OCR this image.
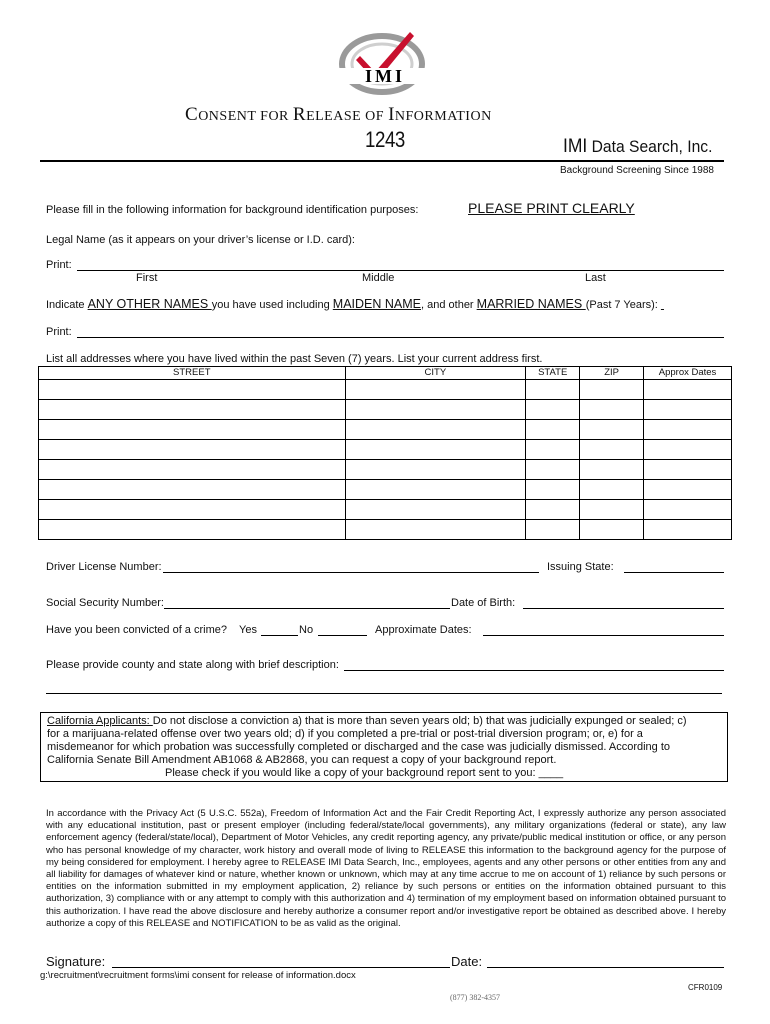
IMI
CONSENT FOR RELEASE OF INFORMATION
1243	IMI Data Search, Inc.
Background Screening Since 1988
Please fill in the following information for background identification purposes:	PLEASE PRINT CLEARLY
Legal Name (as it appears on your driver’s license or I.D. card):
Print:
First	Middle	Last
Indicate ANY OTHER NAMES you have used including MAIDEN NAME, and other MARRIED NAMES (Past 7 Years):
Print:
List all addresses where you have lived within the past Seven (7) years. List your current address first.
STREET	CITY	STATE	ZIP	Approx Dates

Driver License Number:	Issuing State:
Social Security Number:	Date of Birth:
Have you been convicted of a crime? Yes	No	Approximate Dates:
Please provide county and state along with brief description:
California Applicants: Do not disclose a conviction a) that is more than seven years old; b) that was judicially expunged or sealed; c)
for a marijuana-related offense over two years old; d) if you completed a pre-trial or post-trial diversion program; or, e) for a
misdemeanor for which probation was successfully completed or discharged and the case was judicially dismissed. According to
California Senate Bill Amendment AB1068 & AB2868, you can request a copy of your background report.
Please check if you would like a copy of your background report sent to you: ____
In accordance with the Privacy Act (5 U.S.C. 552a), Freedom of Information Act and the Fair Credit Reporting Act, I expressly authorize any person associated with any educational institution, past or present employer (including federal/state/local governments), any military organizations (federal or state), any law enforcement agency (federal/state/local), Department of Motor Vehicles, any credit reporting agency, any private/public medical institution or office, or any person who has personal knowledge of my character, work history and overall mode of living to RELEASE this information to the background agency for the purpose of my being considered for employment. I hereby agree to RELEASE IMI Data Search, Inc., employees, agents and any other persons or other entities from any and all liability for damages of whatever kind or nature, whether known or unknown, which may at any time accrue to me on account of 1) reliance by such persons or entities on the information submitted in my employment application, 2) reliance by such persons or entities on the information obtained pursuant to this authorization, 3) compliance with or any attempt to comply with this authorization and 4) termination of my employment based on information obtained pursuant to this authorization. I have read the above disclosure and hereby authorize a consumer report and/or investigative report be obtained as described above. I hereby authorize a copy of this RELEASE and NOTIFICATION to be as valid as the original.
Signature:	Date:
g:\recruitment\recruitment forms\imi consent for release of information.docx
CFR0109
(877) 382-4357
